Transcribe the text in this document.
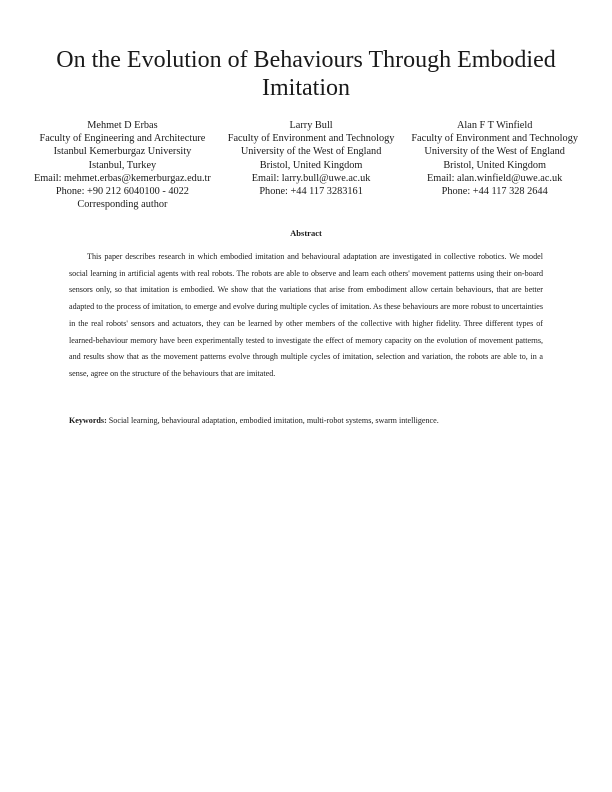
On the Evolution of Behaviours Through Embodied
Imitation
Mehmet D Erbas
Faculty of Engineering and Architecture
Istanbul Kemerburgaz University
Istanbul, Turkey
Email: mehmet.erbas@kemerburgaz.edu.tr
Phone: +90 212 6040100 - 4022
Corresponding author
Larry Bull
Faculty of Environment and Technology
University of the West of England
Bristol, United Kingdom
Email: larry.bull@uwe.ac.uk
Phone: +44 117 3283161
Alan F T Winfield
Faculty of Environment and Technology
University of the West of England
Bristol, United Kingdom
Email: alan.winfield@uwe.ac.uk
Phone: +44 117 328 2644
Abstract

This paper describes research in which embodied imitation and behavioural adaptation are investigated in collective robotics. We model social learning in artificial agents with real robots. The robots are able to observe and learn each others' movement patterns using their on-board sensors only, so that imitation is embodied. We show that the variations that arise from embodiment allow certain behaviours, that are better adapted to the process of imitation, to emerge and evolve during multiple cycles of imitation. As these behaviours are more robust to uncertainties in the real robots' sensors and actuators, they can be learned by other members of the collective with higher fidelity. Three different types of learned-behaviour memory have been experimentally tested to investigate the effect of memory capacity on the evolution of movement patterns, and results show that as the movement patterns evolve through multiple cycles of imitation, selection and variation, the robots are able to, in a sense, agree on the structure of the behaviours that are imitated.

Keywords: Social learning, behavioural adaptation, embodied imitation, multi-robot systems, swarm intelligence.
